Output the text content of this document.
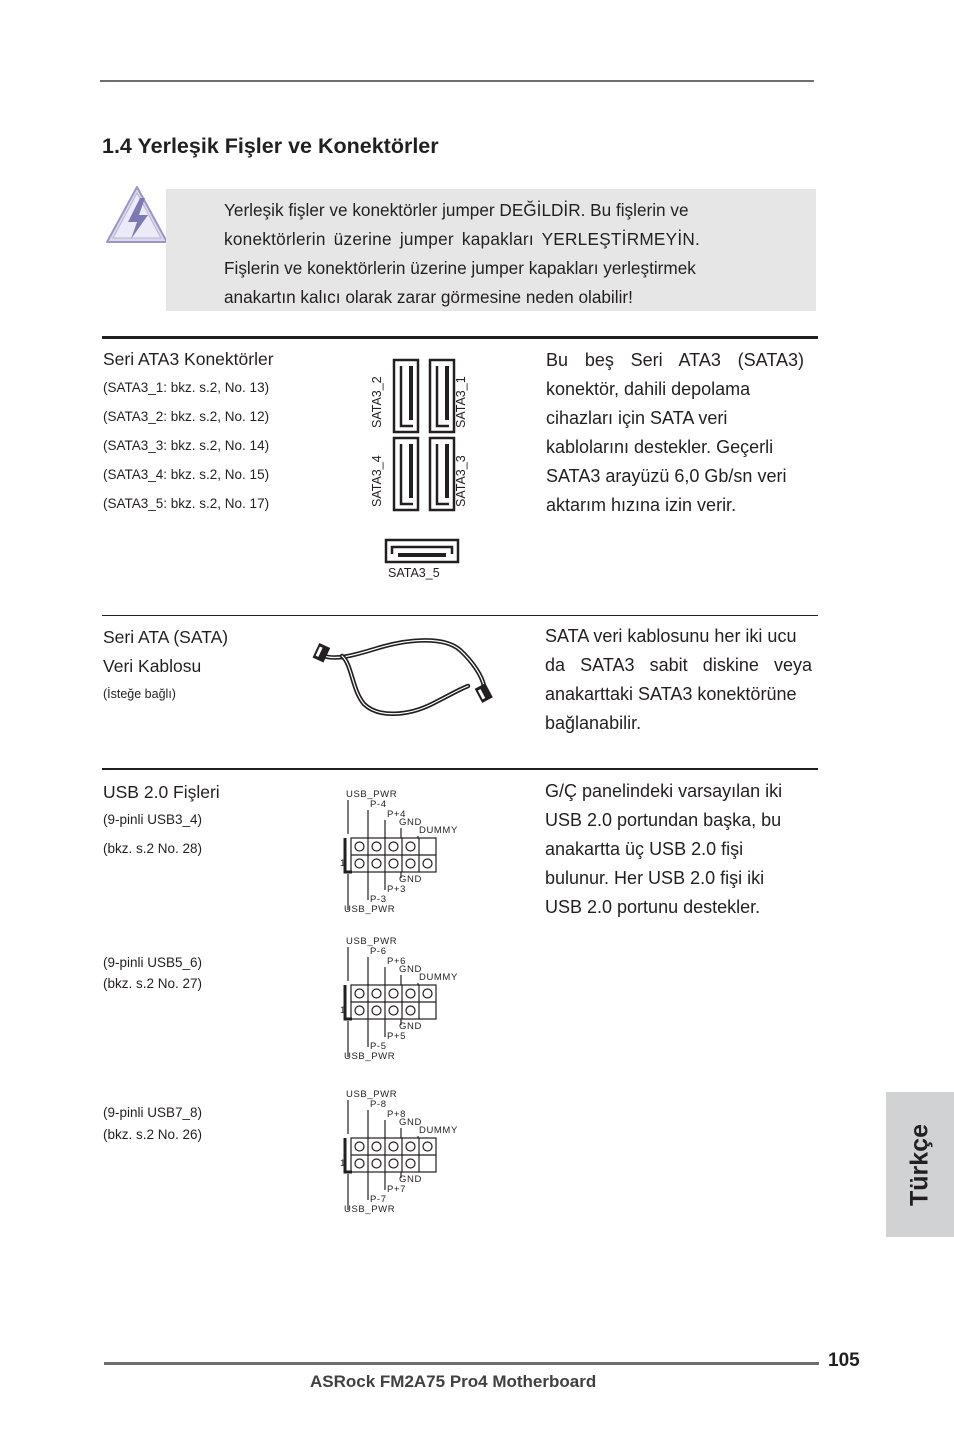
1.4 Yerleşik Fişler ve Konektörler
Yerleşik fişler ve konektörler jumper DEĞİLDİR. Bu fişlerin ve
konektörlerin üzerine jumper kapakları YERLEŞTİRMEYİN.
Fişlerin ve konektörlerin üzerine jumper kapakları yerleştirmek
anakartın kalıcı olarak zarar görmesine neden olabilir!
Seri ATA3 Konektörler
(SATA3_1: bkz. s.2, No. 13)
(SATA3_2: bkz. s.2, No. 12)
(SATA3_3: bkz. s.2, No. 14)
(SATA3_4: bkz. s.2, No. 15)
(SATA3_5: bkz. s.2, No. 17)
SATA3_2	SATA3_1
SATA3_4	SATA3_3
SATA3_5
Bu beş Seri ATA3 (SATA3)
konektör, dahili depolama
cihazları için SATA veri
kablolarını destekler. Geçerli
SATA3 arayüzü 6,0 Gb/sn veri
aktarım hızına izin verir.
Seri ATA (SATA)
Veri Kablosu
(İsteğe bağlı)
SATA veri kablosunu her iki ucu
da SATA3 sabit diskine veya
anakarttaki SATA3 konektörüne
bağlanabilir.
USB 2.0 Fişleri
(9-pinli USB3_4)
(bkz. s.2 No. 28)
(9-pinli USB5_6)
(bkz. s.2 No. 27)
(9-pinli USB7_8)
(bkz. s.2 No. 26)
USB_PWR
P-4
P+4
GND
DUMMY
1
GND
P+3
P-3
USB_PWR
USB_PWR
P-6
P+6
GND
DUMMY
1
GND
P+5
P-5
USB_PWR
USB_PWR
P-8
P+8
GND
DUMMY
1
GND
P+7
P-7
USB_PWR
G/Ç panelindeki varsayılan iki
USB 2.0 portundan başka, bu
anakartta üç USB 2.0 fişi
bulunur. Her USB 2.0 fişi iki
USB 2.0 portunu destekler.
Türkçe
105
ASRock FM2A75 Pro4 Motherboard
